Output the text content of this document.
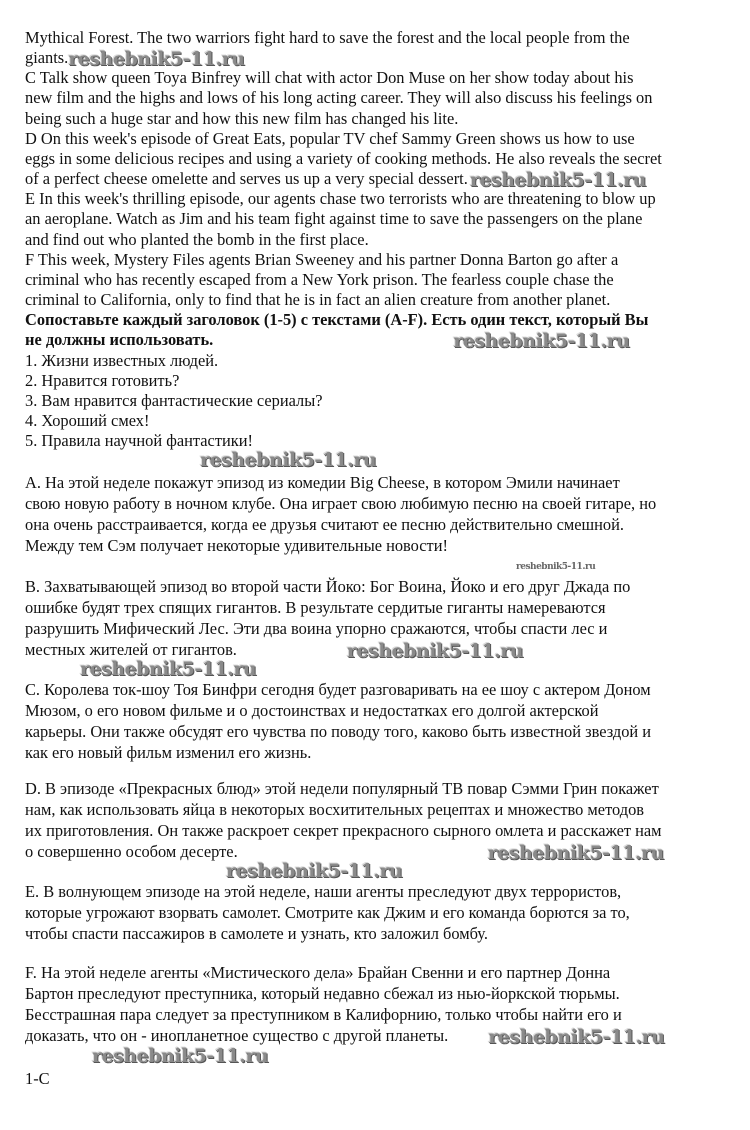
Mythical Forest. The two warriors fight hard to save the forest and the local people from the
giants.reshebnik5-11.ru
C Talk show queen Toya Binfrey will chat with actor Don Muse on her show today about his
new film and the highs and lows of his long acting career. They will also discuss his feelings on
being such a huge star and how this new film has changed his lite.
D On this week's episode of Great Eats, popular TV chef Sammy Green shows us how to use
eggs in some delicious recipes and using a variety of cooking methods. He also reveals the secret
of a perfect cheese omelette and serves us up a very special dessert. reshebnik5-11.ru
E In this week's thrilling episode, our agents chase two terrorists who are threatening to blow up
an aeroplane. Watch as Jim and his team fight against time to save the passengers on the plane
and find out who planted the bomb in the first place.
F This week, Mystery Files agents Brian Sweeney and his partner Donna Barton go after a
criminal who has recently escaped from a New York prison. The fearless couple chase the
criminal to California, only to find that he is in fact an alien creature from another planet.
Сопоставьте каждый заголовок (1-5) с текстами (A-F). Есть один текст, который Вы
не должны использовать.	reshebnik5-11.ru
1. Жизни известных людей.
2. Нравится готовить?
3. Вам нравится фантастические сериалы?
4. Хороший смех!
5. Правила научной фантастики!
А. На этой неделе покажут эпизод из комедии Big Cheese, в котором Эмили начинает
свою новую работу в ночном клубе. Она играет свою любимую песню на своей гитаре, но
она очень расстраивается, когда ее друзья считают ее песню действительно смешной.
Между тем Сэм получает некоторые удивительные новости!
B. Захватывающей эпизод во второй части Йоко: Бог Воина, Йоко и его друг Джада по
ошибке будят трех спящих гигантов. В результате сердитые гиганты намереваются
разрушить Мифический Лес. Эти два воина упорно сражаются, чтобы спасти лес и
местных жителей от гигантов.	reshebnik5-11.ru
C. Королева ток-шоу Тоя Бинфри сегодня будет разговаривать на ее шоу с актером Доном
Мюзом, о его новом фильме и о достоинствах и недостатках его долгой актерской
карьеры. Они также обсудят его чувства по поводу того, каково быть известной звездой и
как его новый фильм изменил его жизнь.
D. В эпизоде «Прекрасных блюд» этой недели популярный ТВ повар Сэмми Грин покажет
нам, как использовать яйца в некоторых восхитительных рецептах и множество методов
их приготовления. Он также раскроет секрет прекрасного сырного омлета и расскажет нам
о совершенно особом десерте.	reshebnik5-11.ru
E. В волнующем эпизоде на этой неделе, наши агенты преследуют двух террористов,
которые угрожают взорвать самолет. Смотрите как Джим и его команда борются за то,
чтобы спасти пассажиров в самолете и узнать, кто заложил бомбу.
F. На этой неделе агенты «Мистического дела» Брайан Свенни и его партнер Донна
Бартон преследуют преступника, который недавно сбежал из нью-йоркской тюрьмы.
Бесстрашная пара следует за преступником в Калифорнию, только чтобы найти его и
доказать, что он - инопланетное существо с другой планеты. reshebnik5-11.ru
1-C
reshebnik5-11.ru
reshebnik5-11.ru
reshebnik5-11.ru
reshebnik5-11.ru
reshebnik5-11.ru
